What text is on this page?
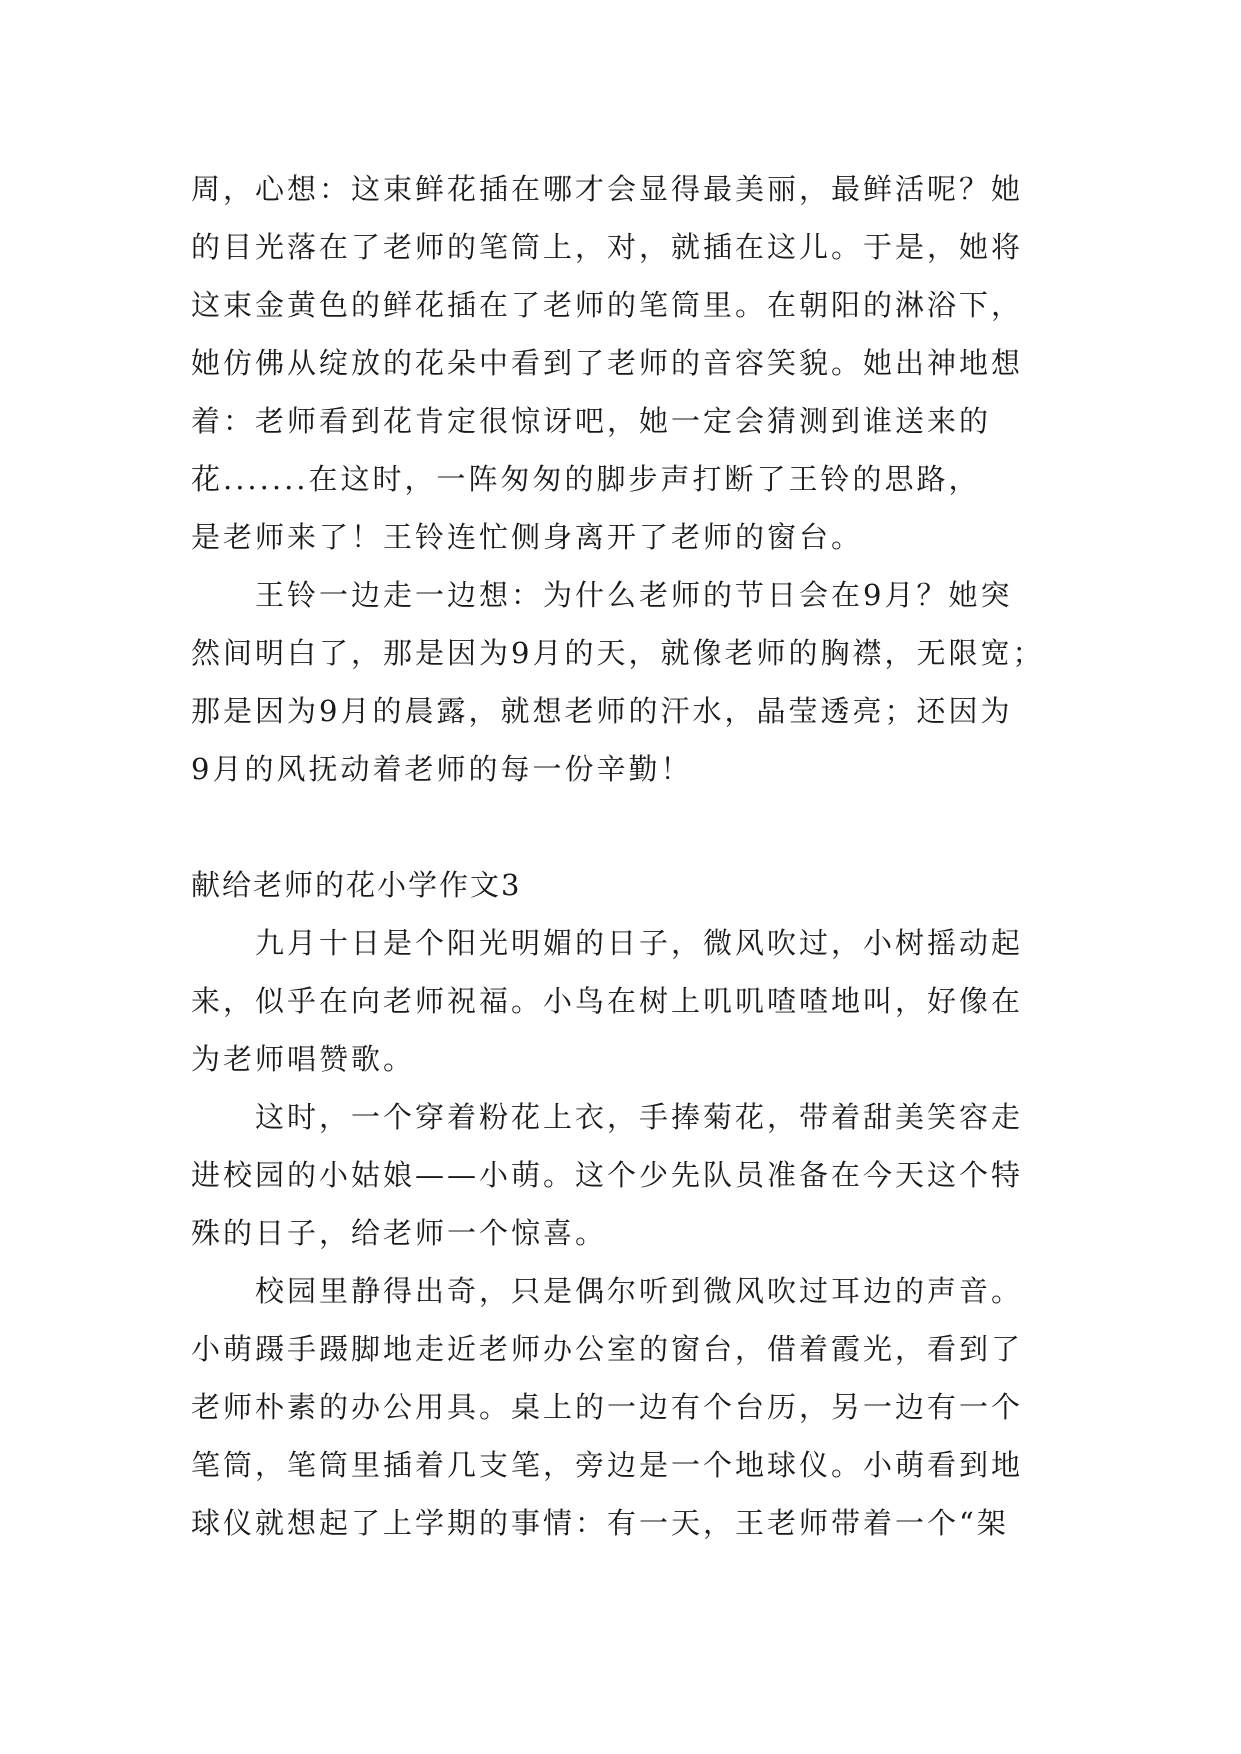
周，心想：这束鲜花插在哪才会显得最美丽，最鲜活呢？她
的目光落在了老师的笔筒上，对，就插在这儿。于是，她将
这束金黄色的鲜花插在了老师的笔筒里。在朝阳的淋浴下，
她仿佛从绽放的花朵中看到了老师的音容笑貌。她出神地想
着：老师看到花肯定很惊讶吧，她一定会猜测到谁送来的
花.......在这时，一阵匆匆的脚步声打断了王铃的思路，
是老师来了！王铃连忙侧身离开了老师的窗台。
王铃一边走一边想：为什么老师的节日会在9月？她突
然间明白了，那是因为9月的天，就像老师的胸襟，无限宽；
那是因为9月的晨露，就想老师的汗水，晶莹透亮；还因为
9月的风抚动着老师的每一份辛勤！
献给老师的花小学作文3
九月十日是个阳光明媚的日子，微风吹过，小树摇动起
来，似乎在向老师祝福。小鸟在树上叽叽喳喳地叫，好像在
为老师唱赞歌。
这时，一个穿着粉花上衣，手捧菊花，带着甜美笑容走
进校园的小姑娘——小萌。这个少先队员准备在今天这个特
殊的日子，给老师一个惊喜。
校园里静得出奇，只是偶尔听到微风吹过耳边的声音。
小萌蹑手蹑脚地走近老师办公室的窗台，借着霞光，看到了
老师朴素的办公用具。桌上的一边有个台历，另一边有一个
笔筒，笔筒里插着几支笔，旁边是一个地球仪。小萌看到地
球仪就想起了上学期的事情：有一天，王老师带着一个“架
